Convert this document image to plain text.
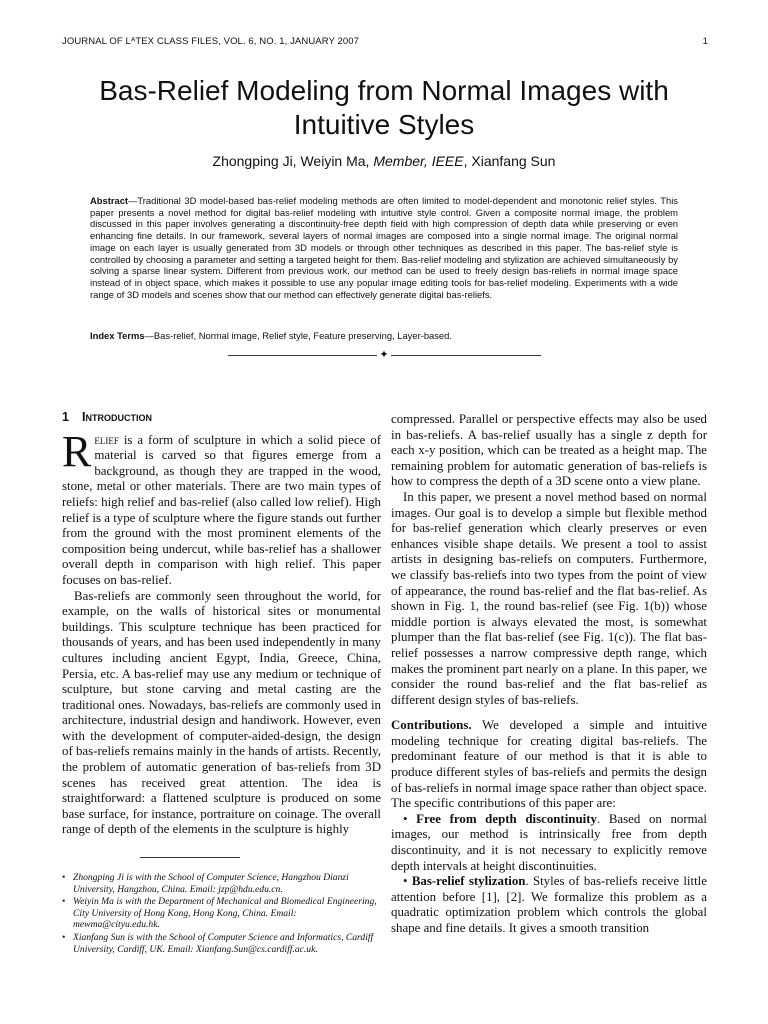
JOURNAL OF LᴬTEX CLASS FILES, VOL. 6, NO. 1, JANUARY 2007	1
Bas-Relief Modeling from Normal Images with Intuitive Styles
Zhongping Ji, Weiyin Ma, Member, IEEE, Xianfang Sun
Abstract—Traditional 3D model-based bas-relief modeling methods are often limited to model-dependent and monotonic relief styles. This paper presents a novel method for digital bas-relief modeling with intuitive style control. Given a composite normal image, the problem discussed in this paper involves generating a discontinuity-free depth field with high compression of depth data while preserving or even enhancing fine details. In our framework, several layers of normal images are composed into a single normal image. The original normal image on each layer is usually generated from 3D models or through other techniques as described in this paper. The bas-relief style is controlled by choosing a parameter and setting a targeted height for them. Bas-relief modeling and stylization are achieved simultaneously by solving a sparse linear system. Different from previous work, our method can be used to freely design bas-reliefs in normal image space instead of in object space, which makes it possible to use any popular image editing tools for bas-relief modeling. Experiments with a wide range of 3D models and scenes show that our method can effectively generate digital bas-reliefs.
Index Terms—Bas-relief, Normal image, Relief style, Feature preserving, Layer-based.
✦
1 Introduction

Relief is a form of sculpture in which a solid piece of material is carved so that figures emerge from a background, as though they are trapped in the wood, stone, metal or other materials. There are two main types of reliefs: high relief and bas-relief (also called low relief). High relief is a type of sculpture where the figure stands out further from the ground with the most prominent elements of the composition being undercut, while bas-relief has a shallower overall depth in comparison with high relief. This paper focuses on bas-relief.

Bas-reliefs are commonly seen throughout the world, for example, on the walls of historical sites or monumental buildings. This sculpture technique has been practiced for thousands of years, and has been used independently in many cultures including ancient Egypt, India, Greece, China, Persia, etc. A bas-relief may use any medium or technique of sculpture, but stone carving and metal casting are the traditional ones. Nowadays, bas-reliefs are commonly used in architecture, industrial design and handiwork. However, even with the development of computer-aided-design, the design of bas-reliefs remains mainly in the hands of artists. Recently, the problem of automatic generation of bas-reliefs from 3D scenes has received great attention. The idea is straightforward: a flattened sculpture is produced on some base surface, for instance, portraiture on coinage. The overall range of depth of the elements in the sculpture is highly

• Zhongping Ji is with the School of Computer Science, Hangzhou Dianzi University, Hangzhou, China. Email: jzp@hdu.edu.cn.
• Weiyin Ma is with the Department of Mechanical and Biomedical Engineering, City University of Hong Kong, Hong Kong, China. Email: mewma@cityu.edu.hk.
• Xianfang Sun is with the School of Computer Science and Informatics, Cardiff University, Cardiff, UK. Email: Xianfang.Sun@cs.cardiff.ac.uk.

compressed. Parallel or perspective effects may also be used in bas-reliefs. A bas-relief usually has a single z depth for each x-y position, which can be treated as a height map. The remaining problem for automatic generation of bas-reliefs is how to compress the depth of a 3D scene onto a view plane.

In this paper, we present a novel method based on normal images. Our goal is to develop a simple but flexible method for bas-relief generation which clearly preserves or even enhances visible shape details. We present a tool to assist artists in designing bas-reliefs on computers. Furthermore, we classify bas-reliefs into two types from the point of view of appearance, the round bas-relief and the flat bas-relief. As shown in Fig. 1, the round bas-relief (see Fig. 1(b)) whose middle portion is always elevated the most, is somewhat plumper than the flat bas-relief (see Fig. 1(c)). The flat bas-relief possesses a narrow compressive depth range, which makes the prominent part nearly on a plane. In this paper, we consider the round bas-relief and the flat bas-relief as different design styles of bas-reliefs.

Contributions. We developed a simple and intuitive modeling technique for creating digital bas-reliefs. The predominant feature of our method is that it is able to produce different styles of bas-reliefs and permits the design of bas-reliefs in normal image space rather than object space. The specific contributions of this paper are:

• Free from depth discontinuity. Based on normal images, our method is intrinsically free from depth discontinuity, and it is not necessary to explicitly remove depth intervals at height discontinuities.

• Bas-relief stylization. Styles of bas-reliefs receive little attention before [1], [2]. We formalize this problem as a quadratic optimization problem which controls the global shape and fine details. It gives a smooth transition
